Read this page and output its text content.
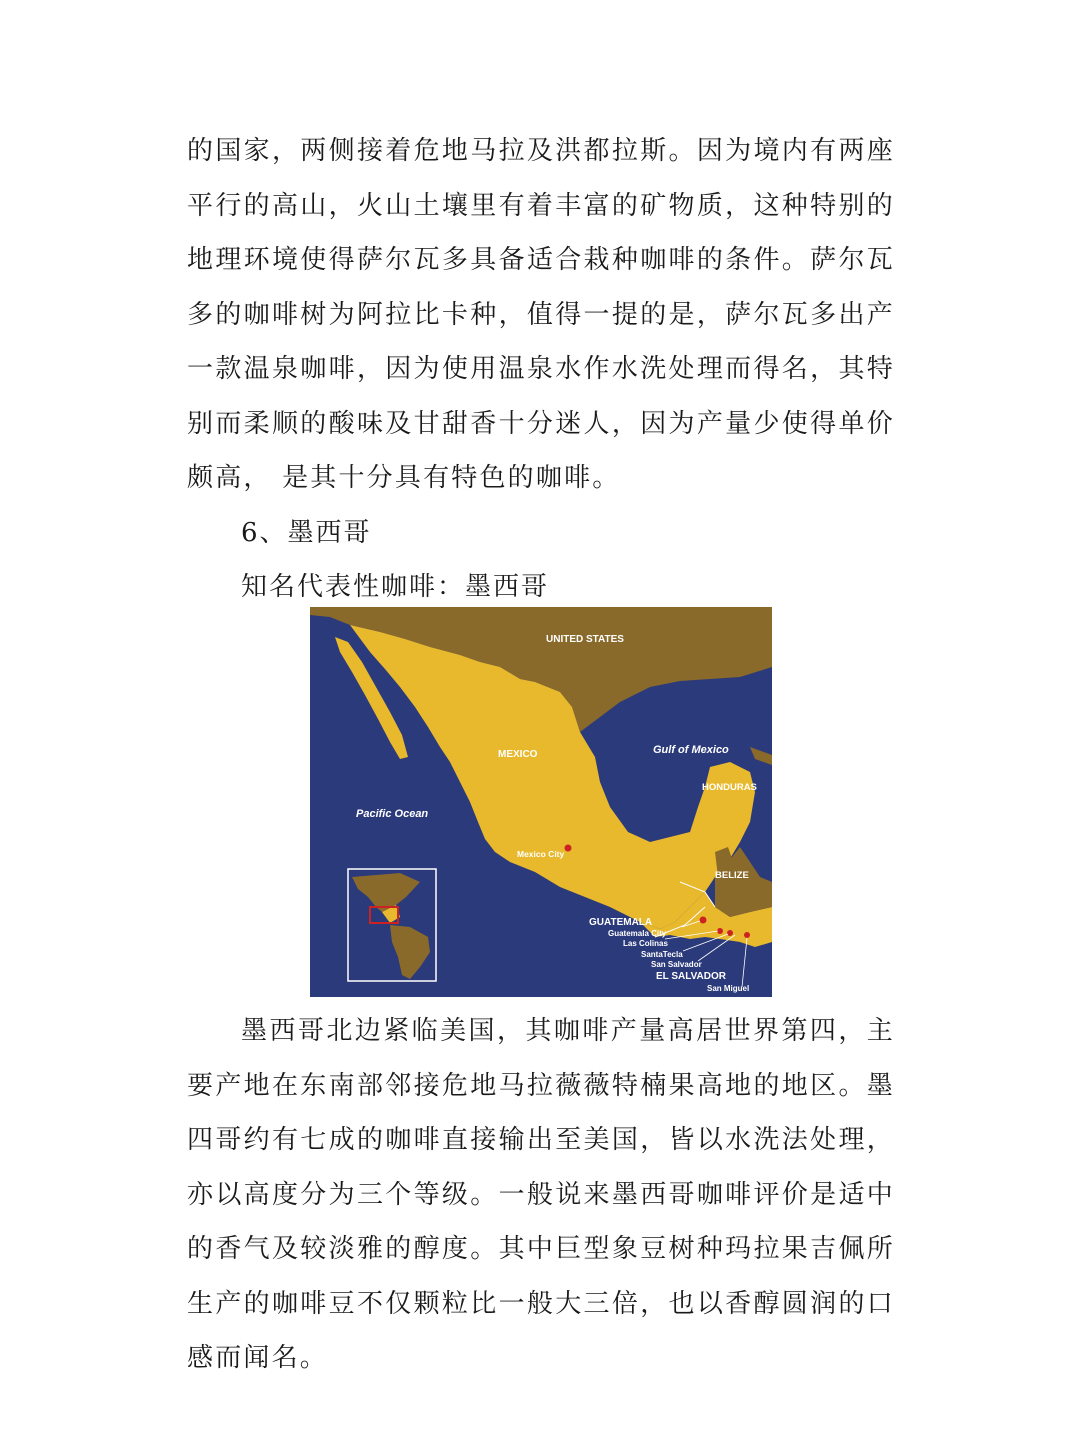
的国家，两侧接着危地马拉及洪都拉斯。因为境内有两座平行的高山，火山土壤里有着丰富的矿物质，这种特别的地理环境使得萨尔瓦多具备适合栽种咖啡的条件。萨尔瓦多的咖啡树为阿拉比卡种，值得一提的是，萨尔瓦多出产一款温泉咖啡，因为使用温泉水作水洗处理而得名，其特别而柔顺的酸味及甘甜香十分迷人，因为产量少使得单价颇高， 是其十分具有特色的咖啡。

6、墨西哥

知名代表性咖啡：墨西哥

UNITED STATES
Gulf of Mexico
MEXICO
HONDURAS
Pacific Ocean
Mexico City
BELIZE
GUATEMALA
Guatemala City
Las Colinas
SantaTecla
San Salvador
EL SALVADOR
San Miguel

墨西哥北边紧临美国，其咖啡产量高居世界第四，主要产地在东南部邻接危地马拉薇薇特楠果高地的地区。墨四哥约有七成的咖啡直接输出至美国，皆以水洗法处理，亦以高度分为三个等级。一般说来墨西哥咖啡评价是适中的香气及较淡雅的醇度。其中巨型象豆树种玛拉果吉佩所生产的咖啡豆不仅颗粒比一般大三倍，也以香醇圆润的口感而闻名。
